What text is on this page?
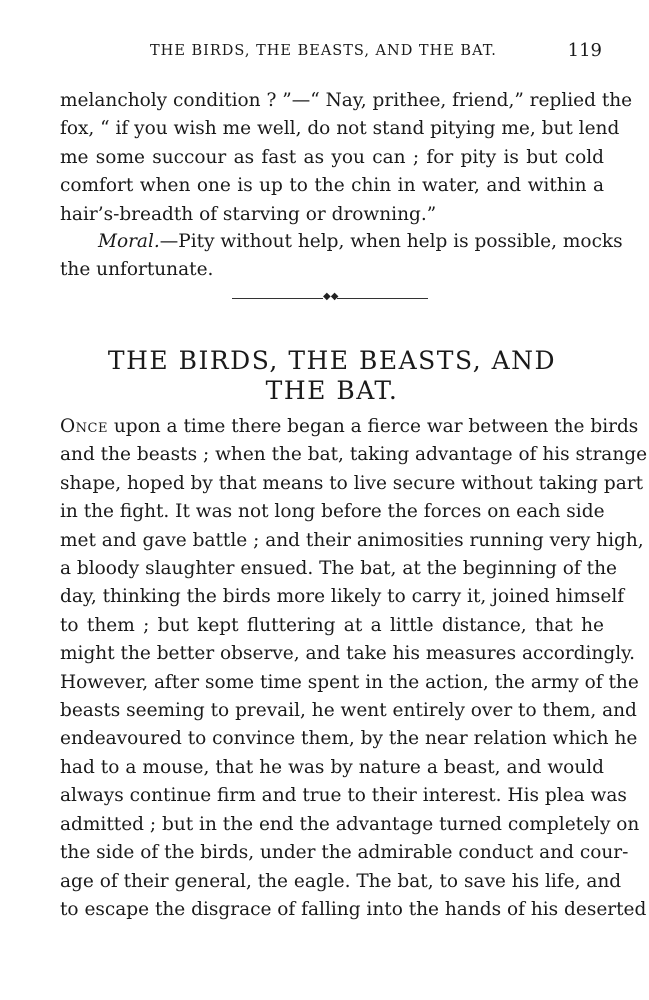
THE BIRDS, THE BEASTS, AND THE BAT.	119
melancholy condition ? ”—“ Nay, prithee, friend,” replied the
fox, “ if you wish me well, do not stand pitying me, but lend
me some succour as fast as you can ; for pity is but cold
comfort when one is up to the chin in water, and within a
hair’s-breadth of starving or drowning.”
Moral.—Pity without help, when help is possible, mocks
the unfortunate.
◆◆
THE BIRDS, THE BEASTS, AND
THE BAT.
Once upon a time there began a fierce war between the birds
and the beasts ; when the bat, taking advantage of his strange
shape, hoped by that means to live secure without taking part
in the fight. It was not long before the forces on each side
met and gave battle ; and their animosities running very high,
a bloody slaughter ensued. The bat, at the beginning of the
day, thinking the birds more likely to carry it, joined himself
to them ; but kept fluttering at a little distance, that he
might the better observe, and take his measures accordingly.
However, after some time spent in the action, the army of the
beasts seeming to prevail, he went entirely over to them, and
endeavoured to convince them, by the near relation which he
had to a mouse, that he was by nature a beast, and would
always continue firm and true to their interest. His plea was
admitted ; but in the end the advantage turned completely on
the side of the birds, under the admirable conduct and cour-
age of their general, the eagle. The bat, to save his life, and
to escape the disgrace of falling into the hands of his deserted
